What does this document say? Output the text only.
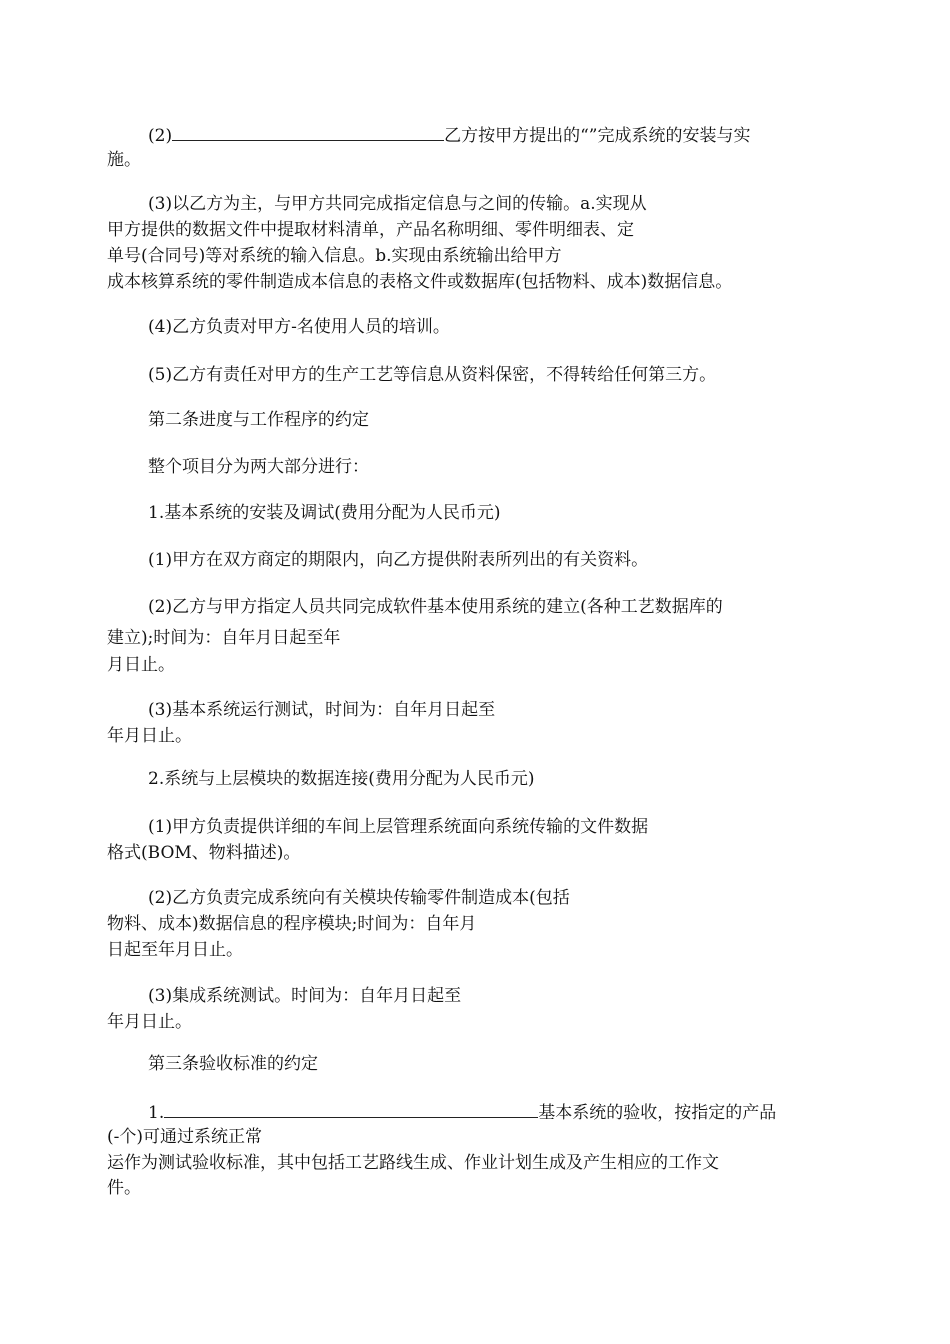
(2)	乙方按甲方提出的“”完成系统的安装与实
施。
(3)以乙方为主，与甲方共同完成指定信息与之间的传输。a.实现从
甲方提供的数据文件中提取材料清单，产品名称明细、零件明细表、定
单号(合同号)等对系统的输入信息。b.实现由系统输出给甲方
成本核算系统的零件制造成本信息的表格文件或数据库(包括物料、成本)数据信息。
(4)乙方负责对甲方-名使用人员的培训。
(5)乙方有责任对甲方的生产工艺等信息从资料保密，不得转给任何第三方。
第二条进度与工作程序的约定
整个项目分为两大部分进行：
1.基本系统的安装及调试(费用分配为人民币元)
(1)甲方在双方商定的期限内，向乙方提供附表所列出的有关资料。
(2)乙方与甲方指定人员共同完成软件基本使用系统的建立(各种工艺数据库的
建立);时间为：自年月日起至年
月日止。
(3)基本系统运行测试，时间为：自年月日起至
年月日止。
2.系统与上层模块的数据连接(费用分配为人民币元)
(1)甲方负责提供详细的车间上层管理系统面向系统传输的文件数据
格式(BOM、物料描述)。
(2)乙方负责完成系统向有关模块传输零件制造成本(包括
物料、成本)数据信息的程序模块;时间为：自年月
日起至年月日止。
(3)集成系统测试。时间为：自年月日起至
年月日止。
第三条验收标准的约定
1.	基本系统的验收，按指定的产品
(-个)可通过系统正常
运作为测试验收标准，其中包括工艺路线生成、作业计划生成及产生相应的工作文
件。
